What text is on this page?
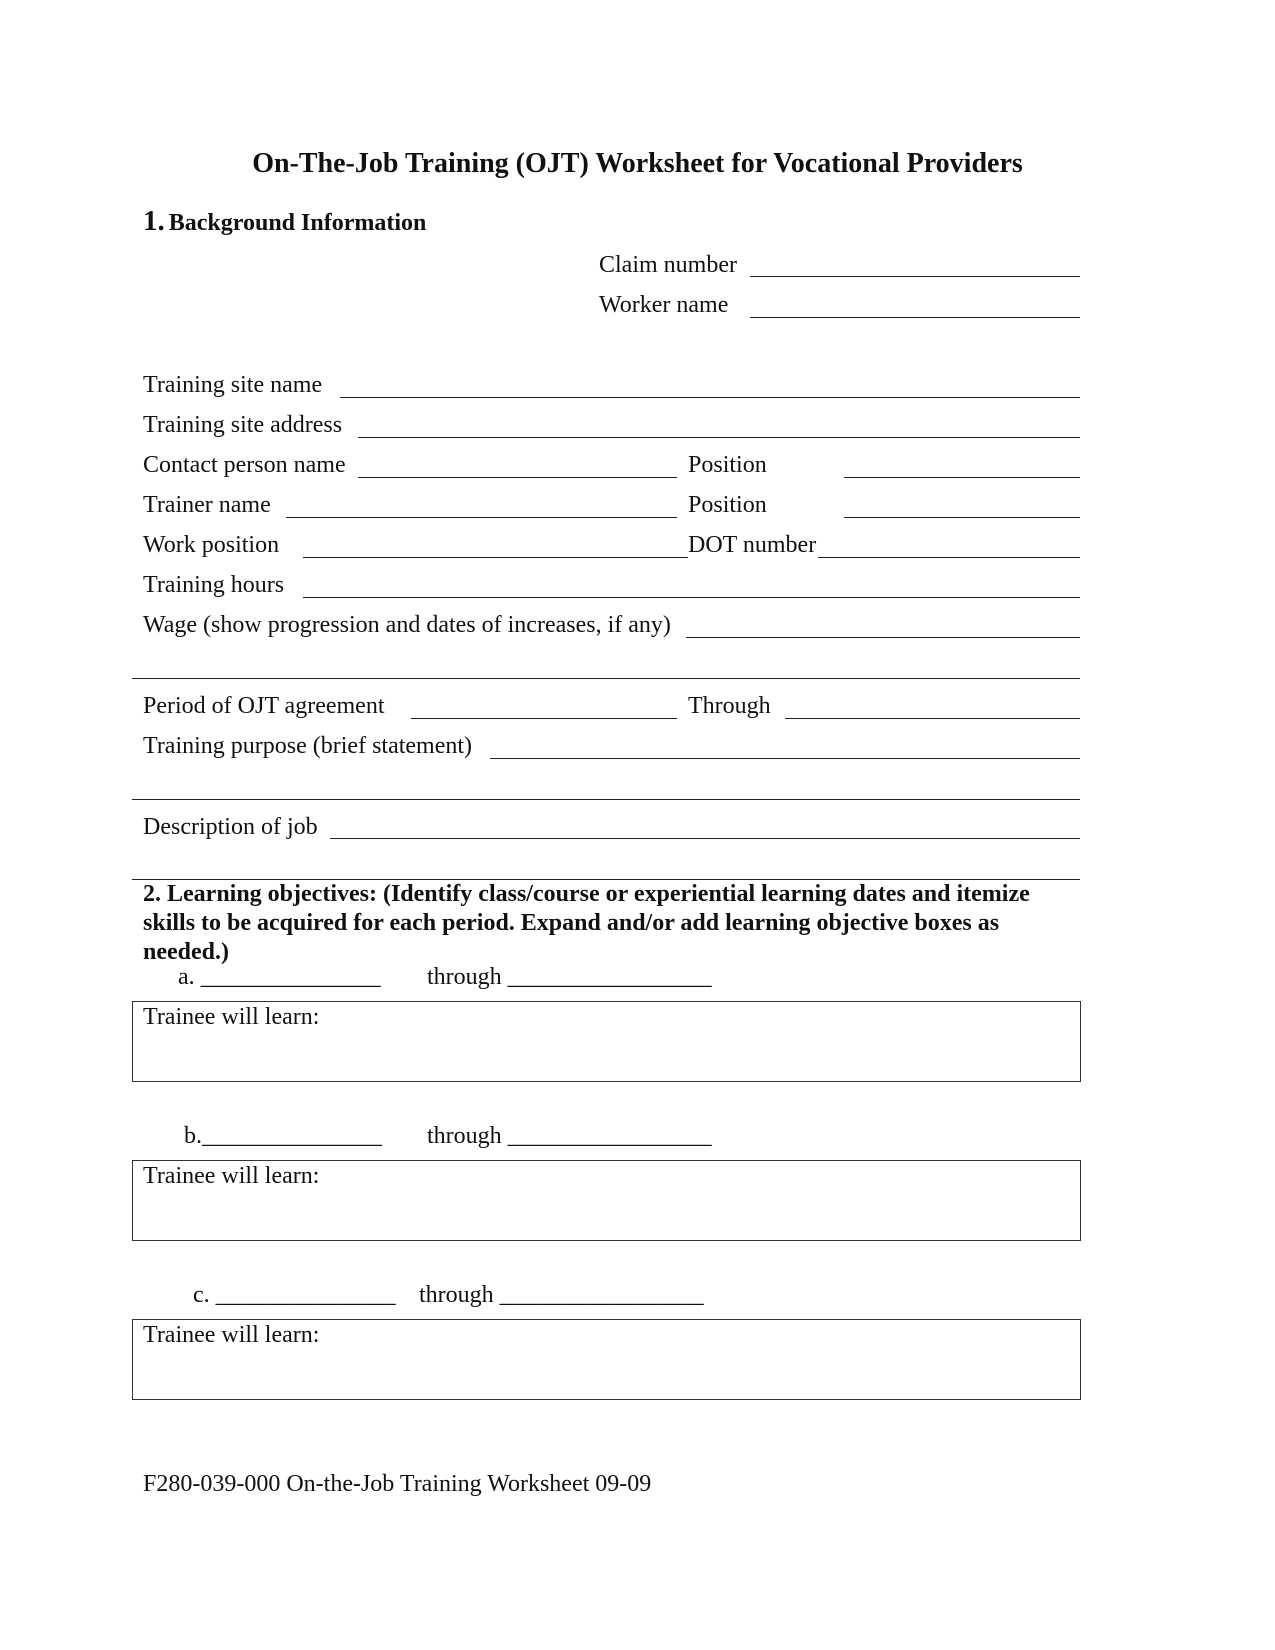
On-The-Job Training (OJT) Worksheet for Vocational Providers
1. Background Information
Claim number
Worker name
Training site name
Training site address
Contact person name	Position
Trainer name	Position
Work position	DOT number
Training hours
Wage (show progression and dates of increases, if any)
Period of OJT agreement	Through
Training purpose (brief statement)
Description of job
2. Learning objectives: (Identify class/course or experiential learning dates and itemize skills to be acquired for each period. Expand and/or add learning objective boxes as needed.)
a. _______________ through _________________
Trainee will learn:
b._______________ through _________________
Trainee will learn:
c. _______________ through _________________
Trainee will learn:
F280-039-000 On-the-Job Training Worksheet 09-09
